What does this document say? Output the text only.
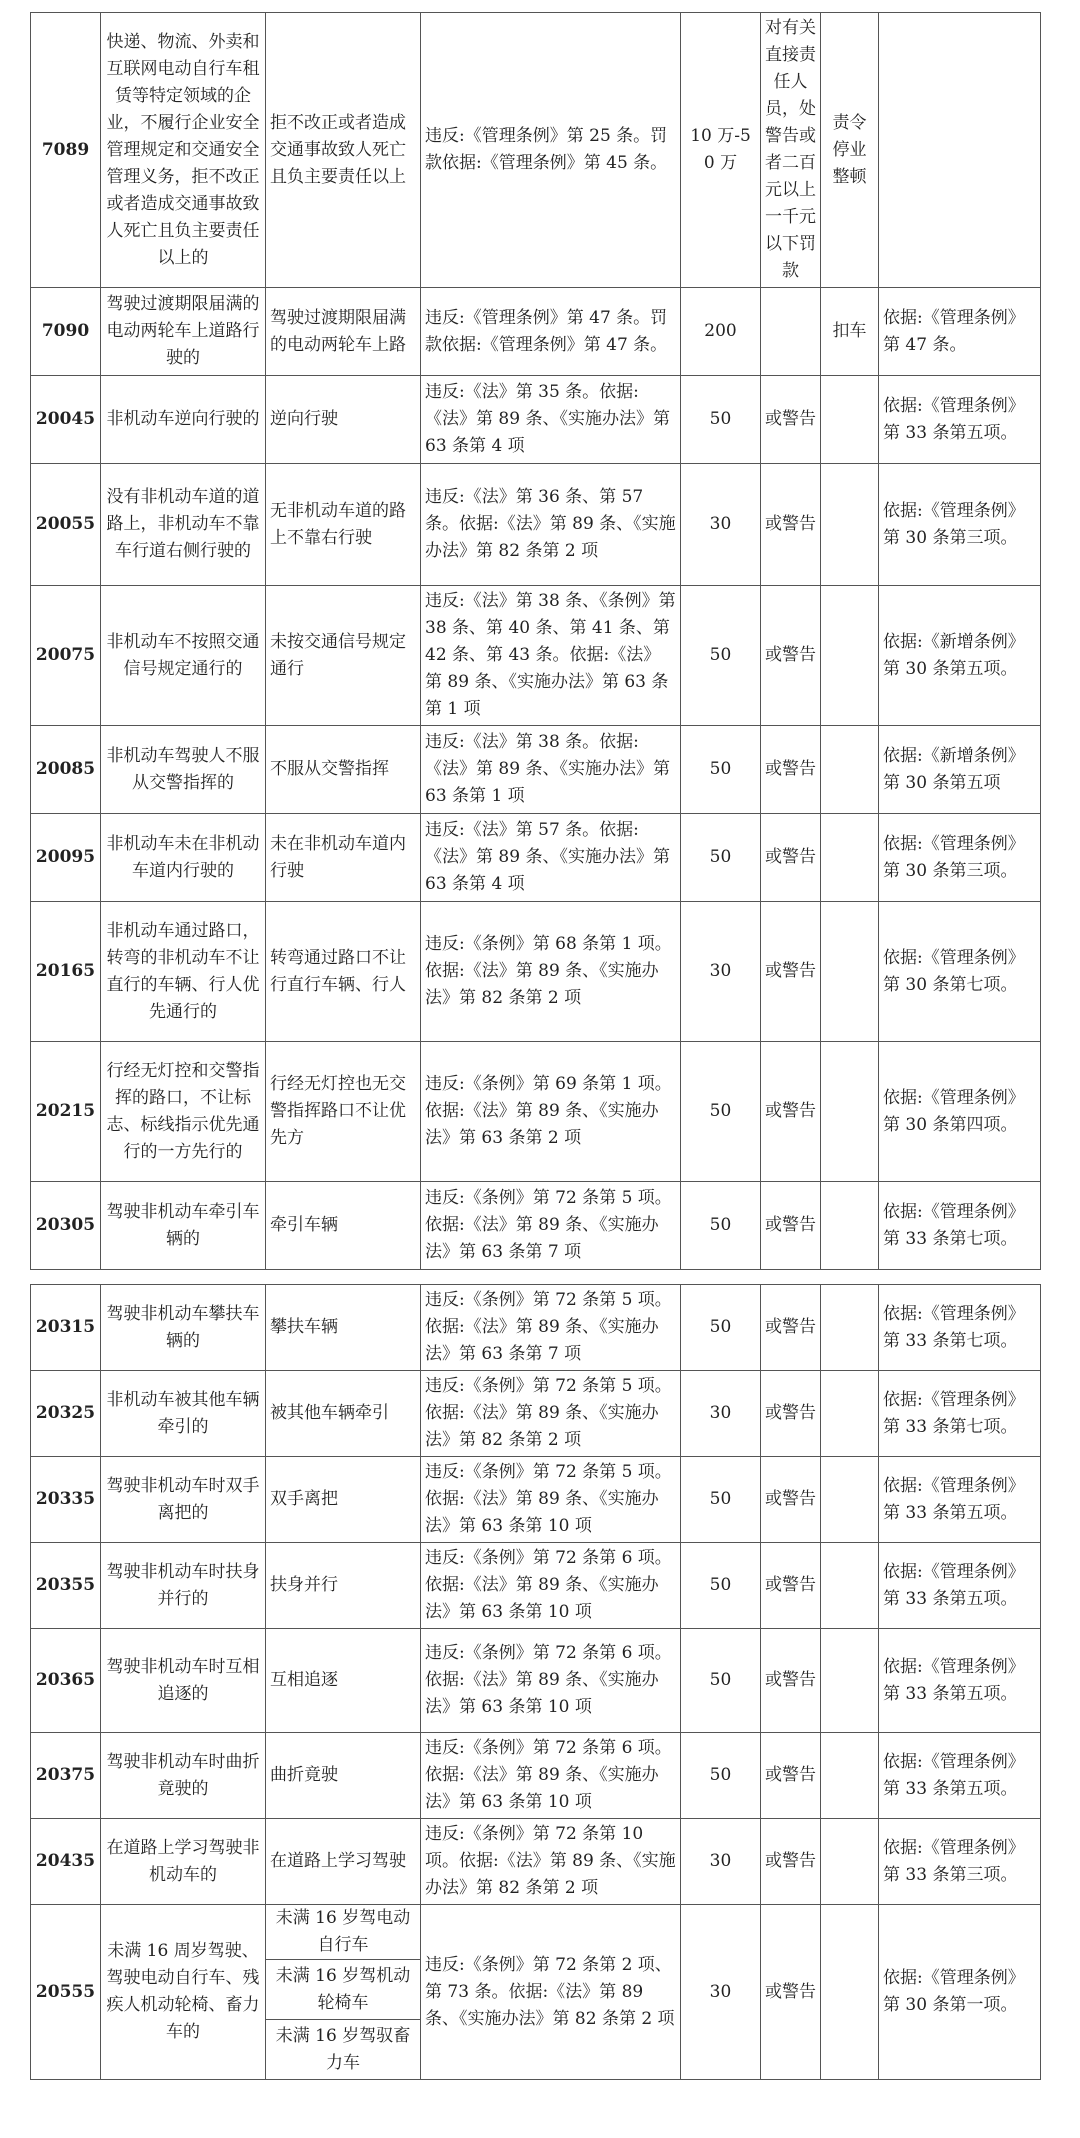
7089	快递、物流、外卖和互联网电动自行车租赁等特定领域的企业，不履行企业安全管理规定和交通安全管理义务，拒不改正或者造成交通事故致人死亡且负主要责任以上的	拒不改正或者造成交通事故致人死亡且负主要责任以上	违反:《管理条例》第 25 条。罚款依据:《管理条例》第 45 条。	10 万-50 万	对有关直接责任人员，处警告或者二百元以上一千元以下罚款	责令停业整顿	
7090	驾驶过渡期限届满的电动两轮车上道路行驶的	驾驶过渡期限届满的电动两轮车上路	违反:《管理条例》第 47 条。罚款依据:《管理条例》第 47 条。	200		扣车	依据:《管理条例》第 47 条。
20045	非机动车逆向行驶的	逆向行驶	违反:《法》第 35 条。依据:《法》第 89 条、《实施办法》第 63 条第 4 项	50	或警告		依据:《管理条例》第 33 条第五项。
20055	没有非机动车道的道路上，非机动车不靠车行道右侧行驶的	无非机动车道的路上不靠右行驶	违反:《法》第 36 条、第 57 条。依据:《法》第 89 条、《实施办法》第 82 条第 2 项	30	或警告		依据:《管理条例》第 30 条第三项。
20075	非机动车不按照交通信号规定通行的	未按交通信号规定通行	违反:《法》第 38 条、《条例》第 38 条、第 40 条、第 41 条、第 42 条、第 43 条。依据:《法》第 89 条、《实施办法》第 63 条第 1 项	50	或警告		依据:《新增条例》第 30 条第五项。
20085	非机动车驾驶人不服从交警指挥的	不服从交警指挥	违反:《法》第 38 条。依据:《法》第 89 条、《实施办法》第 63 条第 1 项	50	或警告		依据:《新增条例》第 30 条第五项
20095	非机动车未在非机动车道内行驶的	未在非机动车道内行驶	违反:《法》第 57 条。依据:《法》第 89 条、《实施办法》第 63 条第 4 项	50	或警告		依据:《管理条例》第 30 条第三项。
20165	非机动车通过路口，转弯的非机动车不让直行的车辆、行人优先通行的	转弯通过路口不让行直行车辆、行人	违反:《条例》第 68 条第 1 项。依据:《法》第 89 条、《实施办法》第 82 条第 2 项	30	或警告		依据:《管理条例》第 30 条第七项。
20215	行经无灯控和交警指挥的路口，不让标志、标线指示优先通行的一方先行的	行经无灯控也无交警指挥路口不让优先方	违反:《条例》第 69 条第 1 项。依据:《法》第 89 条、《实施办法》第 63 条第 2 项	50	或警告		依据:《管理条例》第 30 条第四项。
20305	驾驶非机动车牵引车辆的	牵引车辆	违反:《条例》第 72 条第 5 项。依据:《法》第 89 条、《实施办法》第 63 条第 7 项	50	或警告		依据:《管理条例》第 33 条第七项。
20315	驾驶非机动车攀扶车辆的	攀扶车辆	违反:《条例》第 72 条第 5 项。依据:《法》第 89 条、《实施办法》第 63 条第 7 项	50	或警告		依据:《管理条例》第 33 条第七项。
20325	非机动车被其他车辆牵引的	被其他车辆牵引	违反:《条例》第 72 条第 5 项。依据:《法》第 89 条、《实施办法》第 82 条第 2 项	30	或警告		依据:《管理条例》第 33 条第七项。
20335	驾驶非机动车时双手离把的	双手离把	违反:《条例》第 72 条第 5 项。依据:《法》第 89 条、《实施办法》第 63 条第 10 项	50	或警告		依据:《管理条例》第 33 条第五项。
20355	驾驶非机动车时扶身并行的	扶身并行	违反:《条例》第 72 条第 6 项。依据:《法》第 89 条、《实施办法》第 63 条第 10 项	50	或警告		依据:《管理条例》第 33 条第五项。
20365	驾驶非机动车时互相追逐的	互相追逐	违反:《条例》第 72 条第 6 项。依据:《法》第 89 条、《实施办法》第 63 条第 10 项	50	或警告		依据:《管理条例》第 33 条第五项。
20375	驾驶非机动车时曲折竟驶的	曲折竟驶	违反:《条例》第 72 条第 6 项。依据:《法》第 89 条、《实施办法》第 63 条第 10 项	50	或警告		依据:《管理条例》第 33 条第五项。
20435	在道路上学习驾驶非机动车的	在道路上学习驾驶	违反:《条例》第 72 条第 10 项。依据:《法》第 89 条、《实施办法》第 82 条第 2 项	30	或警告		依据:《管理条例》第 33 条第三项。
20555	未满 16 周岁驾驶、驾驶电动自行车、残疾人机动轮椅、畜力车的	未满 16 岁驾电动自行车	违反:《条例》第 72 条第 2 项、第 73 条。依据:《法》第 89 条、《实施办法》第 82 条第 2 项	30	或警告		依据:《管理条例》第 30 条第一项。
		未满 16 岁驾机动轮椅车					
		未满 16 岁驾驭畜力车					
